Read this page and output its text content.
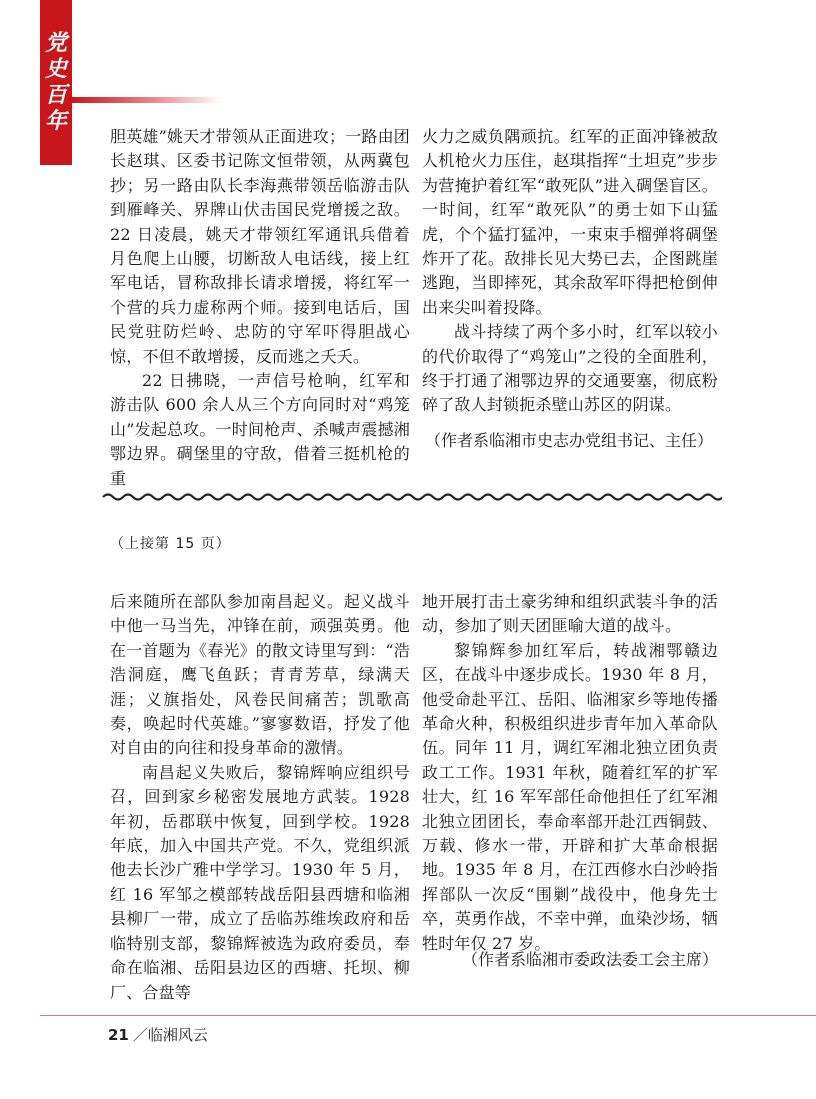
党
史
百
年

胆英雄”姚天才带领从正面进攻；一路由团长赵琪、区委书记陈文恒带领，从两冀包抄；另一路由队长李海燕带领岳临游击队到雁峰关、界牌山伏击国民党增援之敌。22 日凌晨，姚天才带领红军通讯兵借着月色爬上山腰，切断敌人电话线，接上红军电话，冒称敌排长请求增援，将红军一个营的兵力虚称两个师。接到电话后，国民党驻防烂岭、忠防的守军吓得胆战心惊，不但不敢增援，反而逃之夭夭。

22 日拂晓，一声信号枪响，红军和游击队 600 余人从三个方向同时对“鸡笼山”发起总攻。一时间枪声、杀喊声震撼湘鄂边界。碉堡里的守敌，借着三挺机枪的重

火力之威负隅顽抗。红军的正面冲锋被敌人机枪火力压住，赵琪指挥“土坦克”步步为营掩护着红军“敢死队”进入碉堡盲区。一时间，红军“敢死队”的勇士如下山猛虎，个个猛打猛冲，一束束手榴弹将碉堡炸开了花。敌排长见大势已去，企图跳崖逃跑，当即摔死，其余敌军吓得把枪倒伸出来尖叫着投降。

战斗持续了两个多小时，红军以较小的代价取得了“鸡笼山”之役的全面胜利，终于打通了湘鄂边界的交通要塞，彻底粉碎了敌人封锁扼杀壁山苏区的阴谋。

（作者系临湘市史志办党组书记、主任）
（上接第 15 页）

后来随所在部队参加南昌起义。起义战斗中他一马当先，冲锋在前，顽强英勇。他在一首题为《春光》的散文诗里写到：“浩浩洞庭，鹰飞鱼跃；青青芳草，绿满天涯；义旗指处，风卷民间痛苦；凯歌高奏，唤起时代英雄。”寥寥数语，抒发了他对自由的向往和投身革命的激情。

南昌起义失败后，黎锦辉响应组织号召，回到家乡秘密发展地方武装。1928 年初，岳郡联中恢复，回到学校。1928 年底，加入中国共产党。不久，党组织派他去长沙广雅中学学习。1930 年 5 月，红 16 军邹之模部转战岳阳县西塘和临湘县柳厂一带，成立了岳临苏维埃政府和岳临特别支部，黎锦辉被选为政府委员，奉命在临湘、岳阳县边区的西塘、托坝、柳厂、合盘等

地开展打击土豪劣绅和组织武装斗争的活动，参加了则天团匪喻大道的战斗。

黎锦辉参加红军后，转战湘鄂赣边区，在战斗中逐步成长。1930 年 8 月，他受命赴平江、岳阳、临湘家乡等地传播革命火种，积极组织进步青年加入革命队伍。同年 11 月，调红军湘北独立团负责政工工作。1931 年秋，随着红军的扩军壮大，红 16 军军部任命他担任了红军湘北独立团团长，奉命率部开赴江西铜鼓、万载、修水一带，开辟和扩大革命根据地。1935 年 8 月，在江西修水白沙岭指挥部队一次反“围剿”战役中，他身先士卒，英勇作战，不幸中弹，血染沙场，牺牲时年仅 27 岁。

（作者系临湘市委政法委工会主席）
21 ／临湘风云
